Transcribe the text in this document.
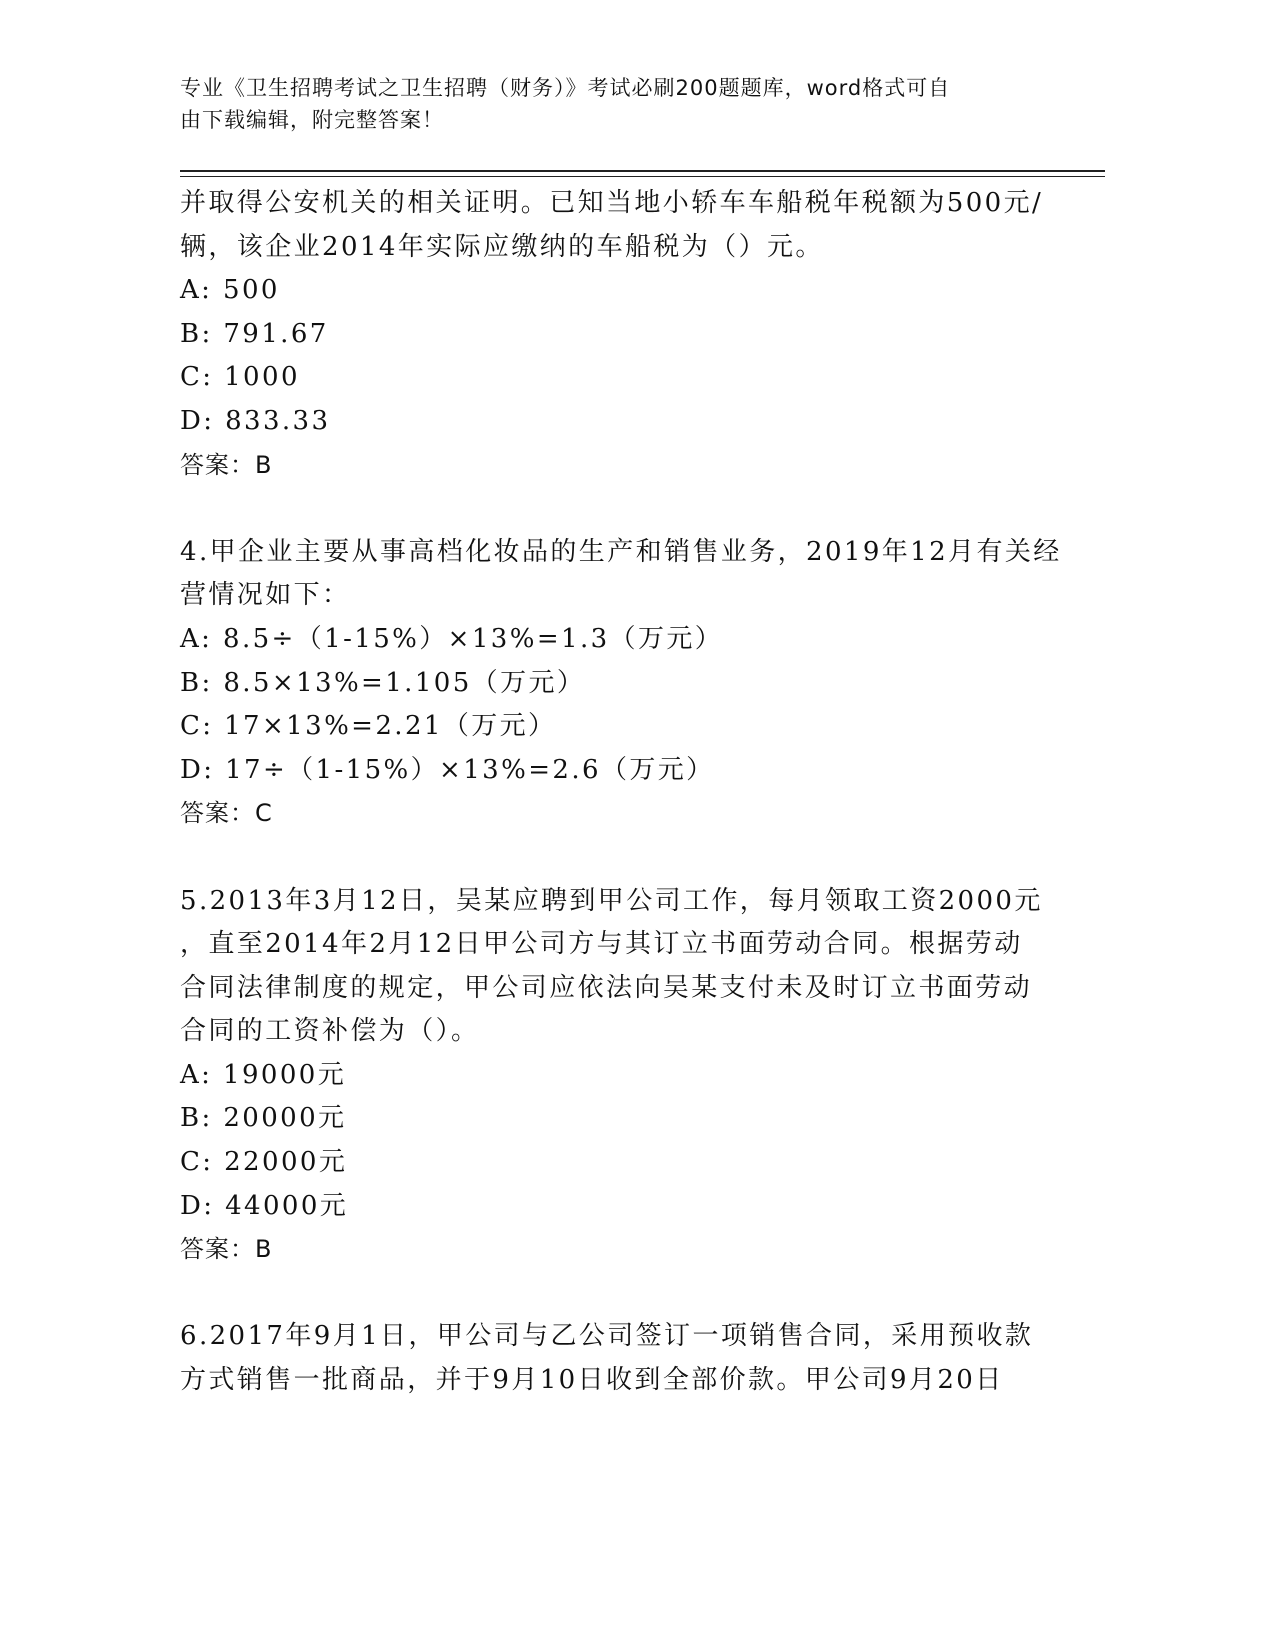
专业《卫生招聘考试之卫生招聘（财务）》考试必刷200题题库，word格式可自
由下载编辑，附完整答案！
并取得公安机关的相关证明。已知当地小轿车车船税年税额为500元/
辆，该企业2014年实际应缴纳的车船税为（）元。
A: 500
B: 791.67
C: 1000
D: 833.33
答案：B
4.甲企业主要从事高档化妆品的生产和销售业务，2019年12月有关经
营情况如下：
A: 8.5÷（1-15%）×13%=1.3（万元）
B: 8.5×13%=1.105（万元）
C: 17×13%=2.21（万元）
D: 17÷（1-15%）×13%=2.6（万元）
答案：C
5.2013年3月12日，吴某应聘到甲公司工作，每月领取工资2000元
，直至2014年2月12日甲公司方与其订立书面劳动合同。根据劳动
合同法律制度的规定，甲公司应依法向吴某支付未及时订立书面劳动
合同的工资补偿为（）。
A: 19000元
B: 20000元
C: 22000元
D: 44000元
答案：B
6.2017年9月1日，甲公司与乙公司签订一项销售合同，采用预收款
方式销售一批商品，并于9月10日收到全部价款。甲公司9月20日
